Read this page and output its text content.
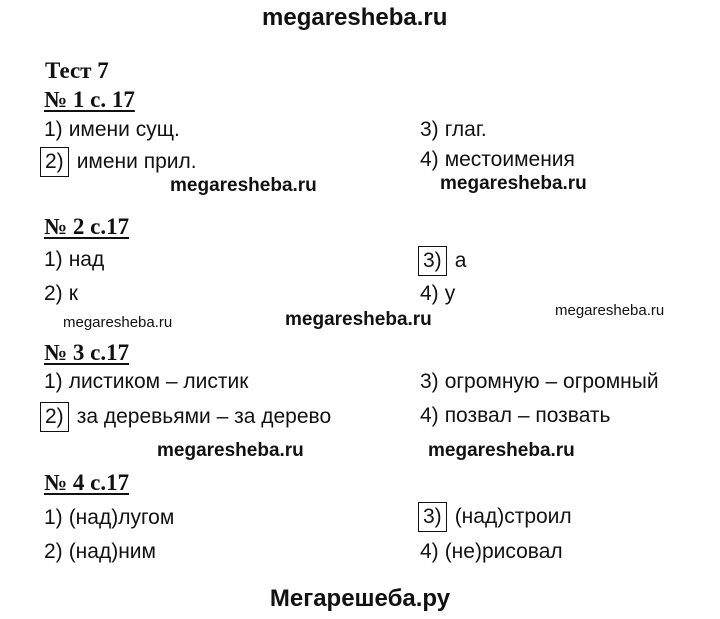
megaresheba.ru
megaresheba.ru	megaresheba.ru
megaresheba.ru	megaresheba.ru	megaresheba.ru
megaresheba.ru	megaresheba.ru
Тест 7
№ 1 с. 17
1) имени сущ.	3) глаг.
2) имени прил.	4) местоимения
№ 2 с.17
1) над	3) а
2) к	4) у
№ 3 с.17
1) листиком – листик	3) огромную – огромный
2) за деревьями – за дерево	4) позвал – позвать
№ 4 с.17
1) (над)лугом	3) (над)строил
2) (над)ним	4) (не)рисовал
Мегарешеба.ру
